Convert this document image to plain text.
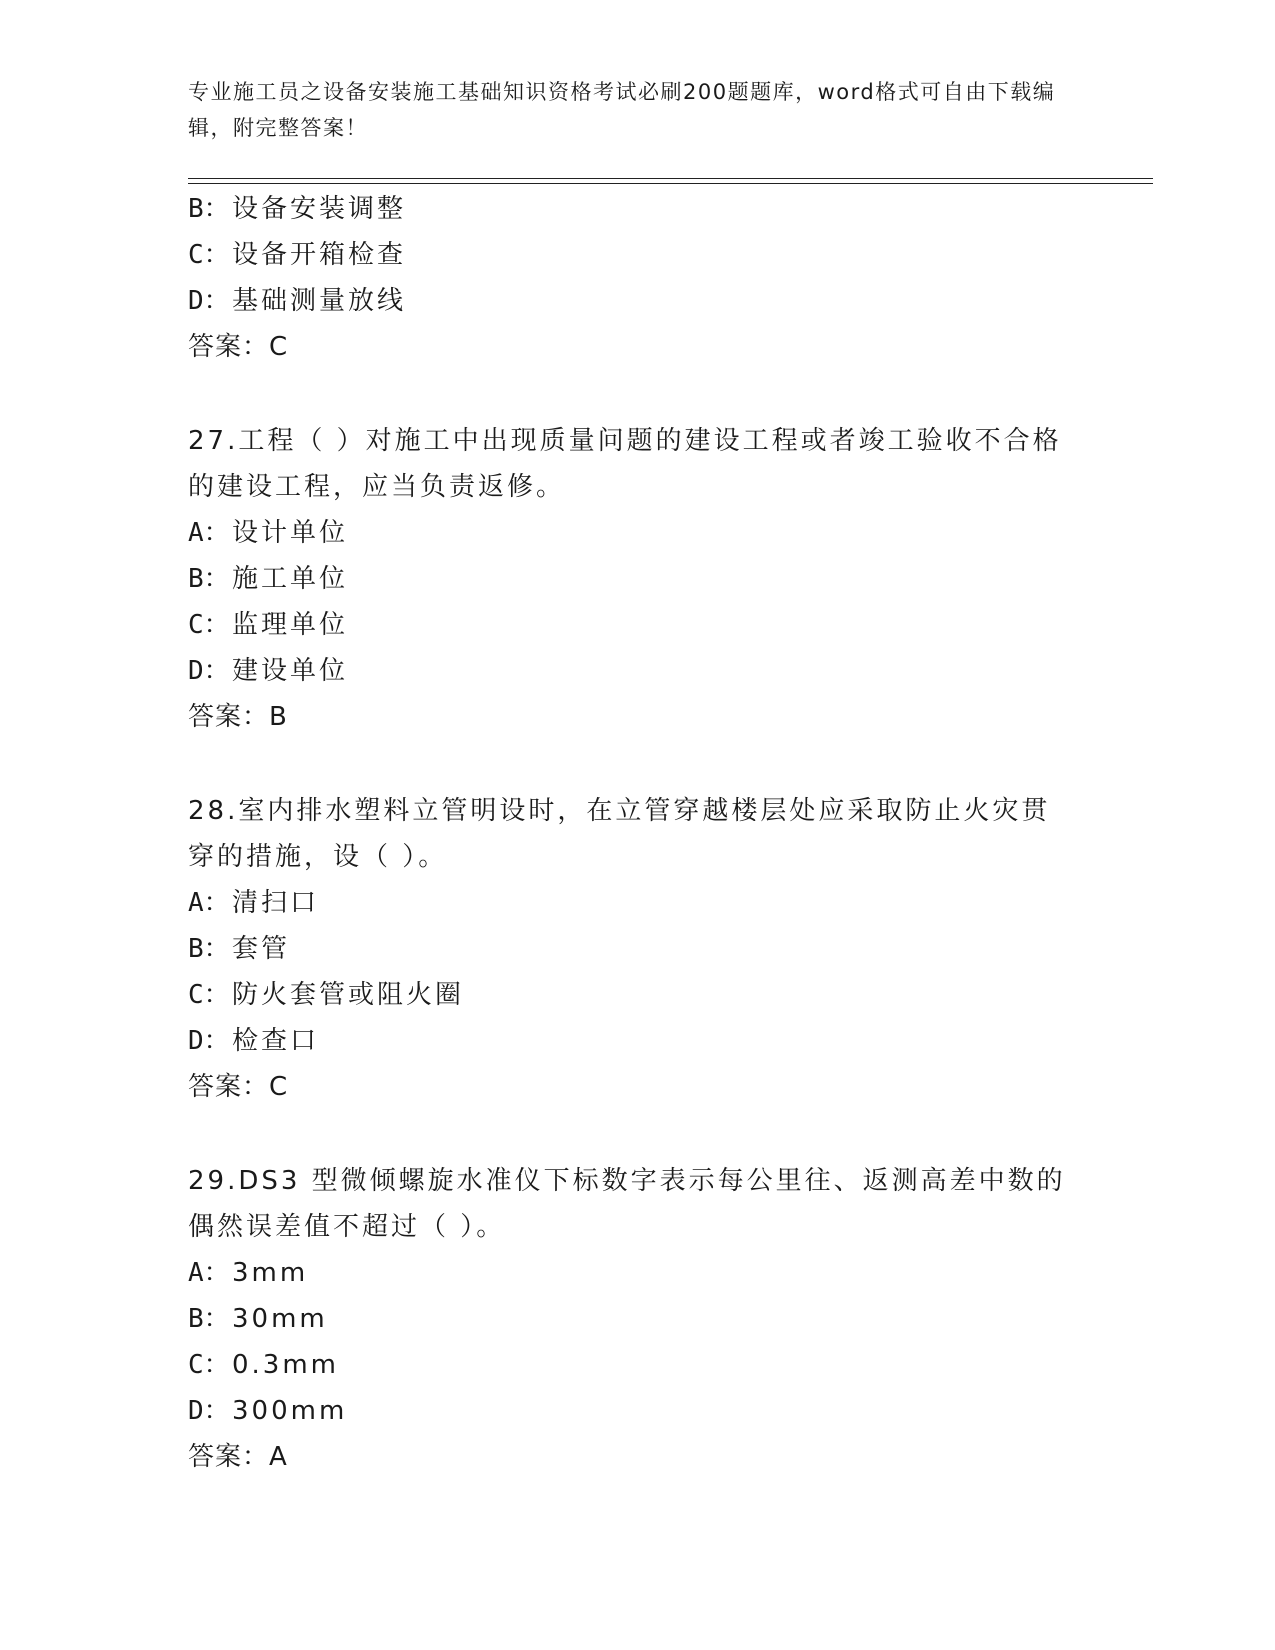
专业施工员之设备安装施工基础知识资格考试必刷200题题库，word格式可自由下载编辑，附完整答案！
B：设备安装调整
C：设备开箱检查
D：基础测量放线
答案：C
27.工程（ ）对施工中出现质量问题的建设工程或者竣工验收不合格的建设工程，应当负责返修。
A：设计单位
B：施工单位
C：监理单位
D：建设单位
答案：B
28.室内排水塑料立管明设时，在立管穿越楼层处应采取防止火灾贯穿的措施，设（ ）。
A：清扫口
B：套管
C：防火套管或阻火圈
D：检查口
答案：C
29.DS3 型微倾螺旋水准仪下标数字表示每公里往、返测高差中数的偶然误差值不超过（ ）。
A：3mm
B：30mm
C：0.3mm
D：300mm
答案：A
